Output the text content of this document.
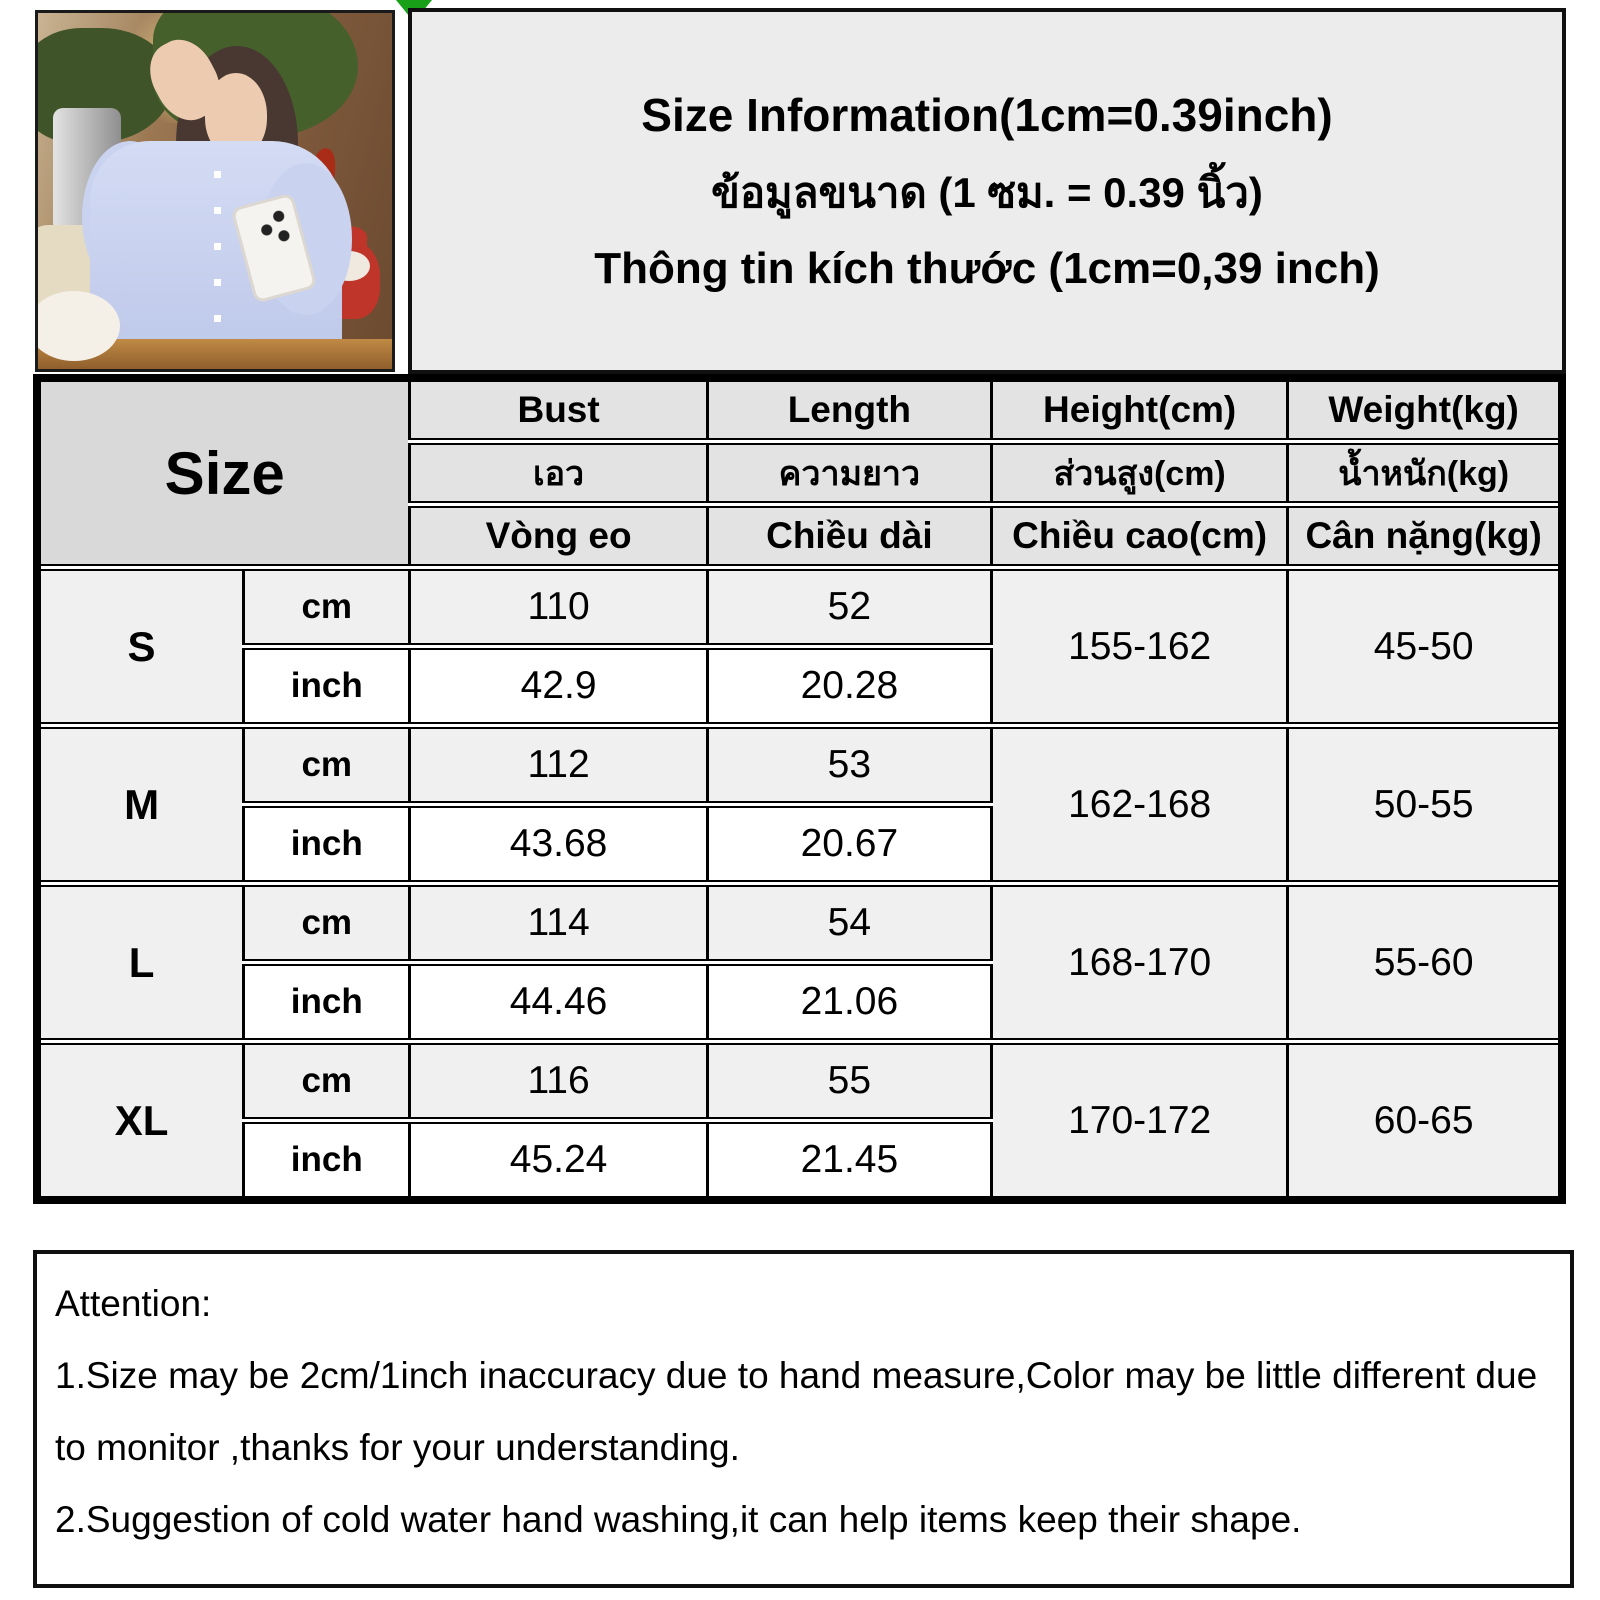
Size Information(1cm=0.39inch)
ข้อมูลขนาด (1 ซม. = 0.39 นิ้ว)
Thông tin kích thước (1cm=0,39 inch)
Size		Bust	Length	Height(cm)	Weight(kg)
		เอว	ความยาว	ส่วนสูง(cm)	น้ำหนัก(kg)
		Vòng eo	Chiều dài	Chiều cao(cm)	Cân nặng(kg)
S	cm	110	52	155-162	45-50
	inch	42.9	20.28		
M	cm	112	53	162-168	50-55
	inch	43.68	20.67		
L	cm	114	54	168-170	55-60
	inch	44.46	21.06		
XL	cm	116	55	170-172	60-65
	inch	45.24	21.45		
Attention:
1.Size may be 2cm/1inch inaccuracy due to hand measure,Color may be little different due to monitor ,thanks for your understanding.
2.Suggestion of cold water hand washing,it can help items keep their shape.
